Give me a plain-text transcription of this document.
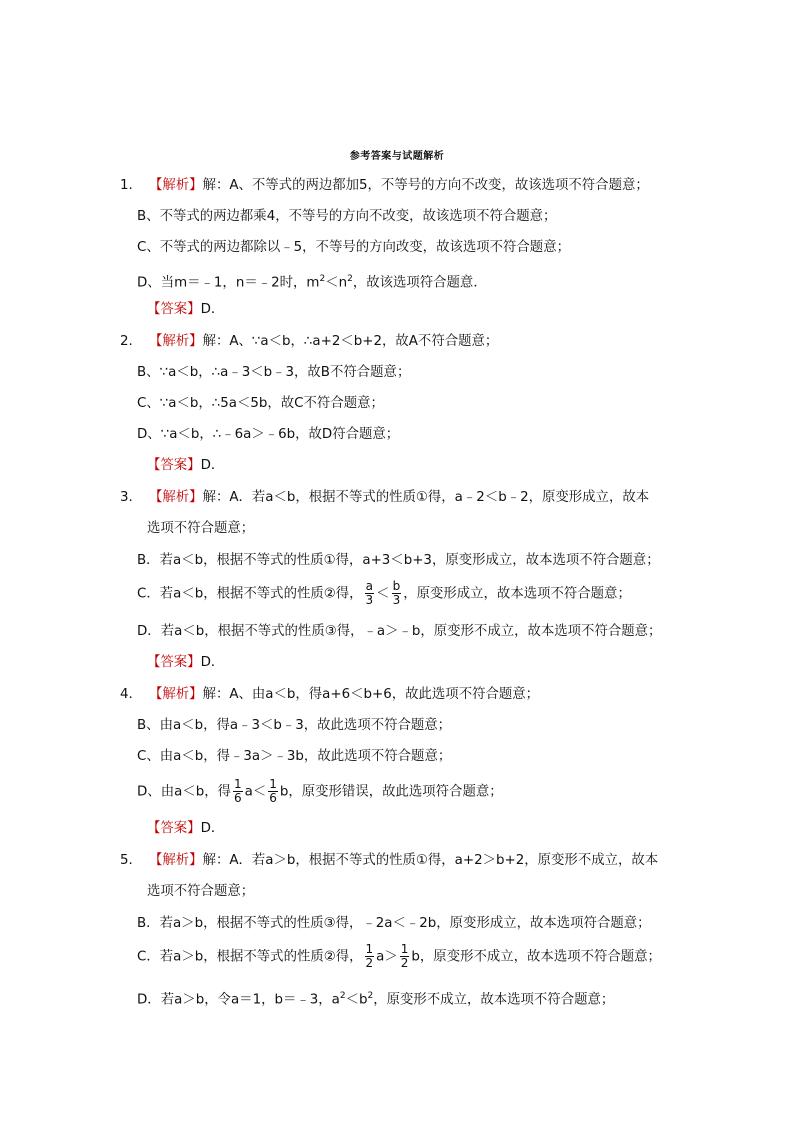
参考答案与试题解析
1. 【解析】解：A、不等式的两边都加5，不等号的方向不改变，故该选项不符合题意；
B、不等式的两边都乘4，不等号的方向不改变，故该选项不符合题意；
C、不等式的两边都除以﹣5，不等号的方向改变，故该选项不符合题意；
D、当m＝﹣1，n＝﹣2时，$m^2<n^2$，故该选项符合题意．
【答案】D．
2. 【解析】解：A、∵a＜b，∴a+2＜b+2，故A不符合题意；
B、∵a＜b，∴a﹣3＜b﹣3，故B不符合题意；
C、∵a＜b，∴5a＜5b，故C不符合题意；
D、∵a＜b，∴﹣6a＞﹣6b，故D符合题意；
【答案】D．
3. 【解析】解：A．若a＜b，根据不等式的性质①得，a﹣2＜b﹣2，原变形成立，故本
选项不符合题意；
B．若a＜b，根据不等式的性质①得，a+3＜b+3，原变形成立，故本选项不符合题意；
C．若a＜b，根据不等式的性质②得， $\frac{a}{3} < \frac{b}{3}$ ，原变形成立，故本选项不符合题意；
D．若a＜b，根据不等式的性质③得，﹣a＞﹣b，原变形不成立，故本选项不符合题意；
【答案】D．
4. 【解析】解：A、由a＜b，得a+6＜b+6，故此选项不符合题意；
B、由a＜b，得a﹣3＜b﹣3，故此选项不符合题意；
C、由a＜b，得﹣3a＞﹣3b，故此选项不符合题意；
D、由a＜b，得 $\frac{1}{6} a< \frac{1}{6}$ b，原变形错误，故此选项符合题意；
【答案】D．
5. 【解析】解：A．若a＞b，根据不等式的性质①得，a+2＞b+2，原变形不成立，故本
选项不符合题意；
B．若a＞b，根据不等式的性质③得，﹣2a＜﹣2b，原变形成立，故本选项符合题意；
C．若a＞b，根据不等式的性质②得， $\frac{1}{2} a> \frac{1}{2}$ b，原变形不成立，故本选项不符合题意；
D．若a＞b，令a＝1，b＝﹣3，$a^2<b^2$，原变形不成立，故本选项不符合题意；
